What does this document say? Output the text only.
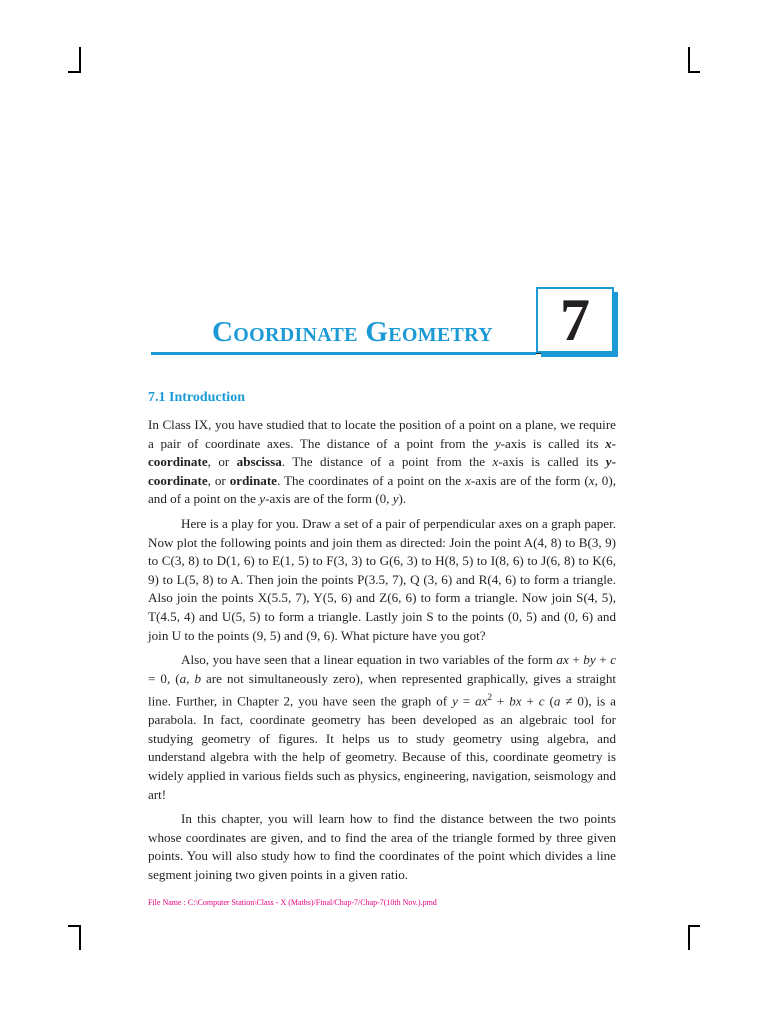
Coordinate Geometry	7
7.1 Introduction

In Class IX, you have studied that to locate the position of a point on a plane, we require a pair of coordinate axes. The distance of a point from the y-axis is called its x-coordinate, or abscissa. The distance of a point from the x-axis is called its y-coordinate, or ordinate. The coordinates of a point on the x-axis are of the form (x, 0), and of a point on the y-axis are of the form (0, y).

Here is a play for you. Draw a set of a pair of perpendicular axes on a graph paper. Now plot the following points and join them as directed: Join the point A(4, 8) to B(3, 9) to C(3, 8) to D(1, 6) to E(1, 5) to F(3, 3) to G(6, 3) to H(8, 5) to I(8, 6) to J(6, 8) to K(6, 9) to L(5, 8) to A. Then join the points P(3.5, 7), Q (3, 6) and R(4, 6) to form a triangle. Also join the points X(5.5, 7), Y(5, 6) and Z(6, 6) to form a triangle. Now join S(4, 5), T(4.5, 4) and U(5, 5) to form a triangle. Lastly join S to the points (0, 5) and (0, 6) and join U to the points (9, 5) and (9, 6). What picture have you got?

Also, you have seen that a linear equation in two variables of the form ax + by + c = 0, (a, b are not simultaneously zero), when represented graphically, gives a straight line. Further, in Chapter 2, you have seen the graph of $y = ax^2$ + bx + c (a ≠ 0), is a parabola. In fact, coordinate geometry has been developed as an algebraic tool for studying geometry of figures. It helps us to study geometry using algebra, and understand algebra with the help of geometry. Because of this, coordinate geometry is widely applied in various fields such as physics, engineering, navigation, seismology and art!

In this chapter, you will learn how to find the distance between the two points whose coordinates are given, and to find the area of the triangle formed by three given points. You will also study how to find the coordinates of the point which divides a line segment joining two given points in a given ratio.

File Name : C:\Computer Station\Class - X (Maths)/Final/Chap-7/Chap-7(10th Nov.).pmd
